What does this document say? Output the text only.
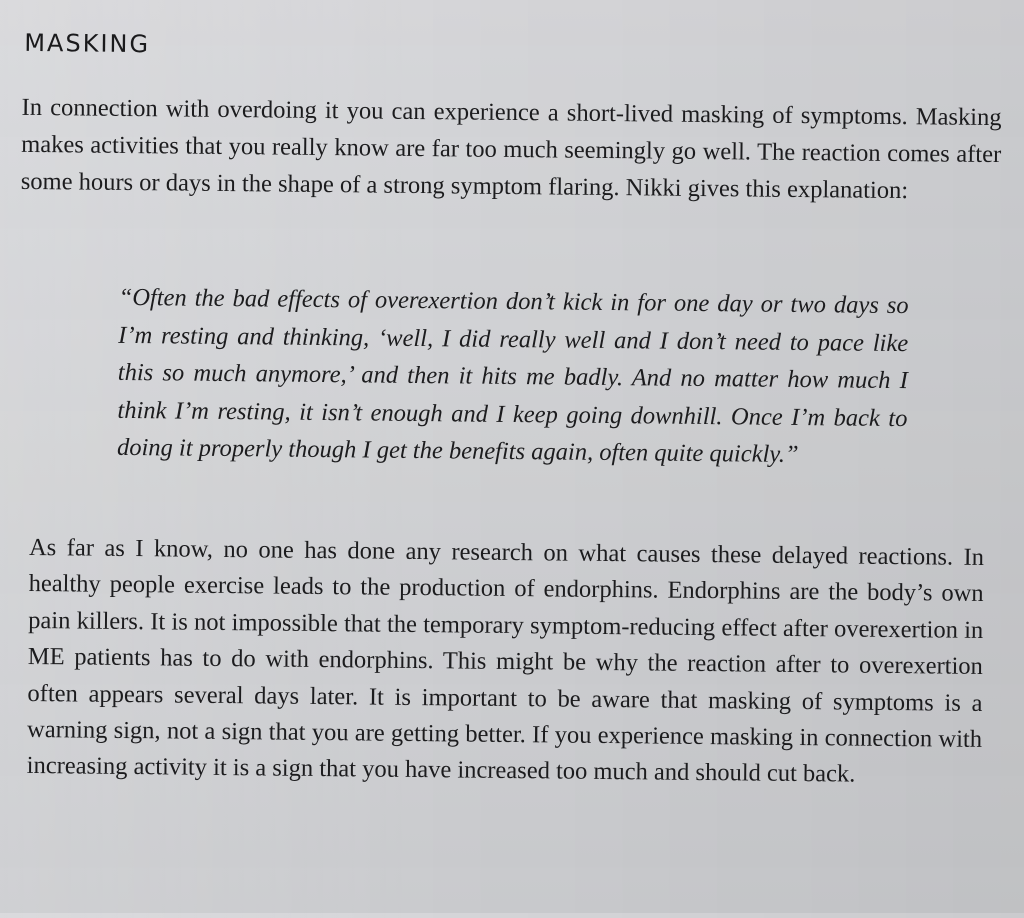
MASKING

In connection with overdoing it you can experience a short-lived masking of symptoms. Masking makes activities that you really know are far too much seemingly go well. The reaction comes after some hours or days in the shape of a strong symptom flaring. Nikki gives this explanation:

“Often the bad effects of overexertion don’t kick in for one day or two days so I’m resting and thinking, ‘well, I did really well and I don’t need to pace like this so much anymore,’ and then it hits me badly. And no matter how much I think I’m resting, it isn’t enough and I keep going downhill. Once I’m back to doing it properly though I get the benefits again, often quite quickly.”

As far as I know, no one has done any research on what causes these delayed reactions. In healthy people exercise leads to the production of endorphins. Endorphins are the body’s own pain killers. It is not impossible that the temporary symptom-reducing effect after overexertion in ME patients has to do with endorphins. This might be why the reaction after to overexertion often appears several days later. It is important to be aware that masking of symptoms is a warning sign, not a sign that you are getting better. If you experience masking in connection with increasing activity it is a sign that you have increased too much and should cut back.
